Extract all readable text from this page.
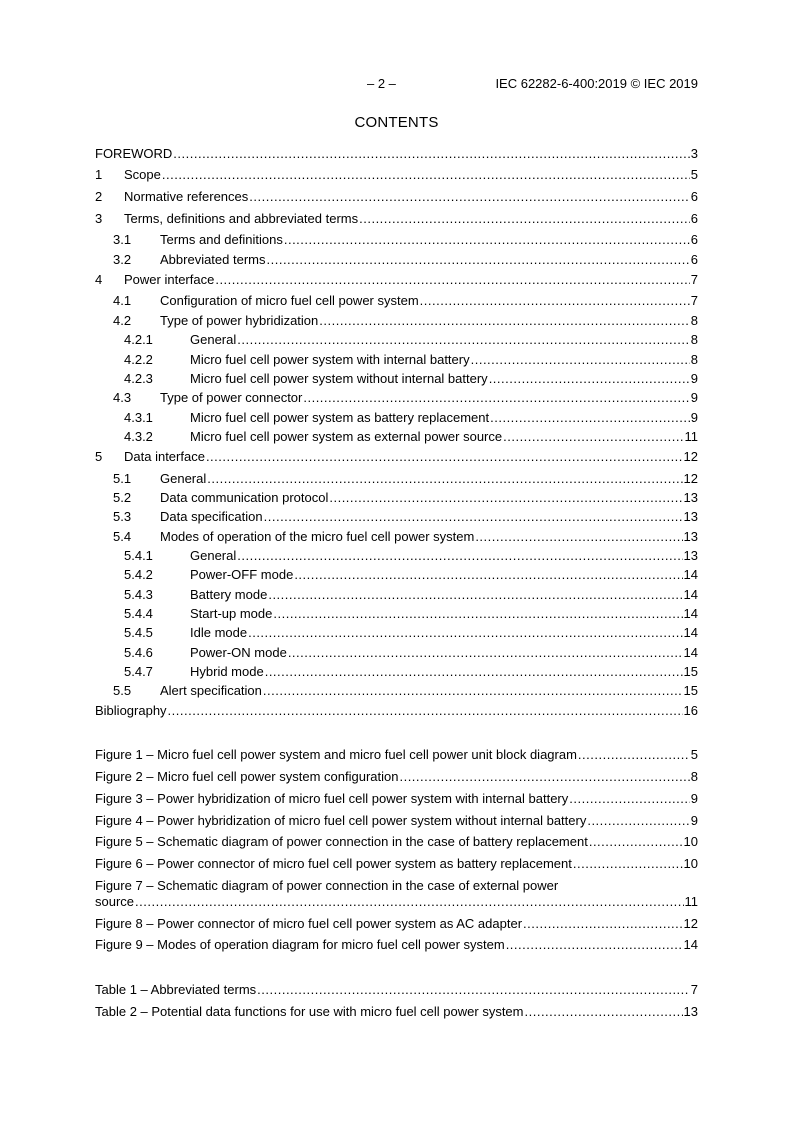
– 2 –	IEC 62282-6-400:2019 © IEC 2019
CONTENTS
FOREWORD .....	3
1 Scope .....	5
2 Normative references .....	6
3 Terms, definitions and abbreviated terms .....	6
3.1 Terms and definitions .....	6
3.2 Abbreviated terms .....	6
4 Power interface .....	7
4.1 Configuration of micro fuel cell power system .....	7
4.2 Type of power hybridization .....	8
4.2.1	General .....	8
4.2.2	Micro fuel cell power system with internal battery .....	8
4.2.3	Micro fuel cell power system without internal battery .....	9
4.3 Type of power connector .....	9
4.3.1	Micro fuel cell power system as battery replacement .....	9
4.3.2	Micro fuel cell power system as external power source .....	11
5 Data interface .....	12
5.1 General .....	12
5.2 Data communication protocol .....	13
5.3 Data specification .....	13
5.4 Modes of operation of the micro fuel cell power system .....	13
5.4.1	General .....	13
5.4.2	Power-OFF mode .....	14
5.4.3	Battery mode .....	14
5.4.4	Start-up mode .....	14
5.4.5	Idle mode .....	14
5.4.6	Power-ON mode .....	14
5.4.7	Hybrid mode .....	15
5.5 Alert specification .....	15
Bibliography .....	16
Figure 1 – Micro fuel cell power system and micro fuel cell power unit block diagram .....	5
Figure 2 – Micro fuel cell power system configuration .....	8
Figure 3 – Power hybridization of micro fuel cell power system with internal battery .....	9
Figure 4 – Power hybridization of micro fuel cell power system without internal battery .....	9
Figure 5 – Schematic diagram of power connection in the case of battery replacement .....	10
Figure 6 – Power connector of micro fuel cell power system as battery replacement .....	10
Figure 7 – Schematic diagram of power connection in the case of external power
source .....	11
Figure 8 – Power connector of micro fuel cell power system as AC adapter .....	12
Figure 9 – Modes of operation diagram for micro fuel cell power system .....	14
Table 1 – Abbreviated terms .....	7
Table 2 – Potential data functions for use with micro fuel cell power system .....	13
